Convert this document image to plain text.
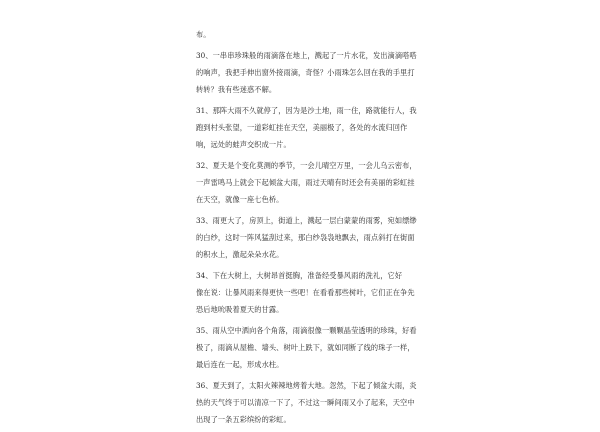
布。
30、一串串珍珠般的雨滴落在地上，溅起了一片水花，发出滴滴嗒嗒
的响声，我把手伸出窗外接雨滴，奇怪？小雨珠怎么回在我的手里打
转转？我有些迷惑不解。
31、那阵大雨不久就停了，因为是沙土地，雨一住，路就能行人，我
跑到村头张望，一道彩虹挂在天空，美丽极了，各处的水流归回作
响，远处的蛙声交织成一片。
32、夏天是个变化莫测的季节，一会儿晴空万里，一会儿乌云密布，
一声雷鸣马上就会下起倾盆大雨，雨过天晴有时还会有美丽的彩虹挂
在天空，就像一座七色桥。
33、雨更大了，房顶上，街道上，溅起一层白蒙蒙的雨雾，宛如缥缈
的白纱，这时一阵风猛刮过来，那白纱袅袅地飘去，雨点斜打在街面
的积水上，激起朵朵水花。
34、下在大树上，大树昂首挺胸，准备经受暴风雨的洗礼，它好
像在说：让暴风雨来得更快一些吧！在看看那些树叶，它们正在争先
恐后地吮吸着夏天的甘露。
35、雨从空中洒向各个角落，雨滴很像一颗颗晶莹透明的珍珠，好看
极了，雨滴从屋檐、墙头、树叶上跌下，就如同断了线的珠子一样，
最后连在一起，形成水柱。
36、夏天到了，太阳火辣辣地烤着大地。忽然，下起了倾盆大雨，炎
热的天气终于可以清凉一下了，不过这一瞬间雨又小了起来，天空中
出现了一条五彩缤纷的彩虹。
